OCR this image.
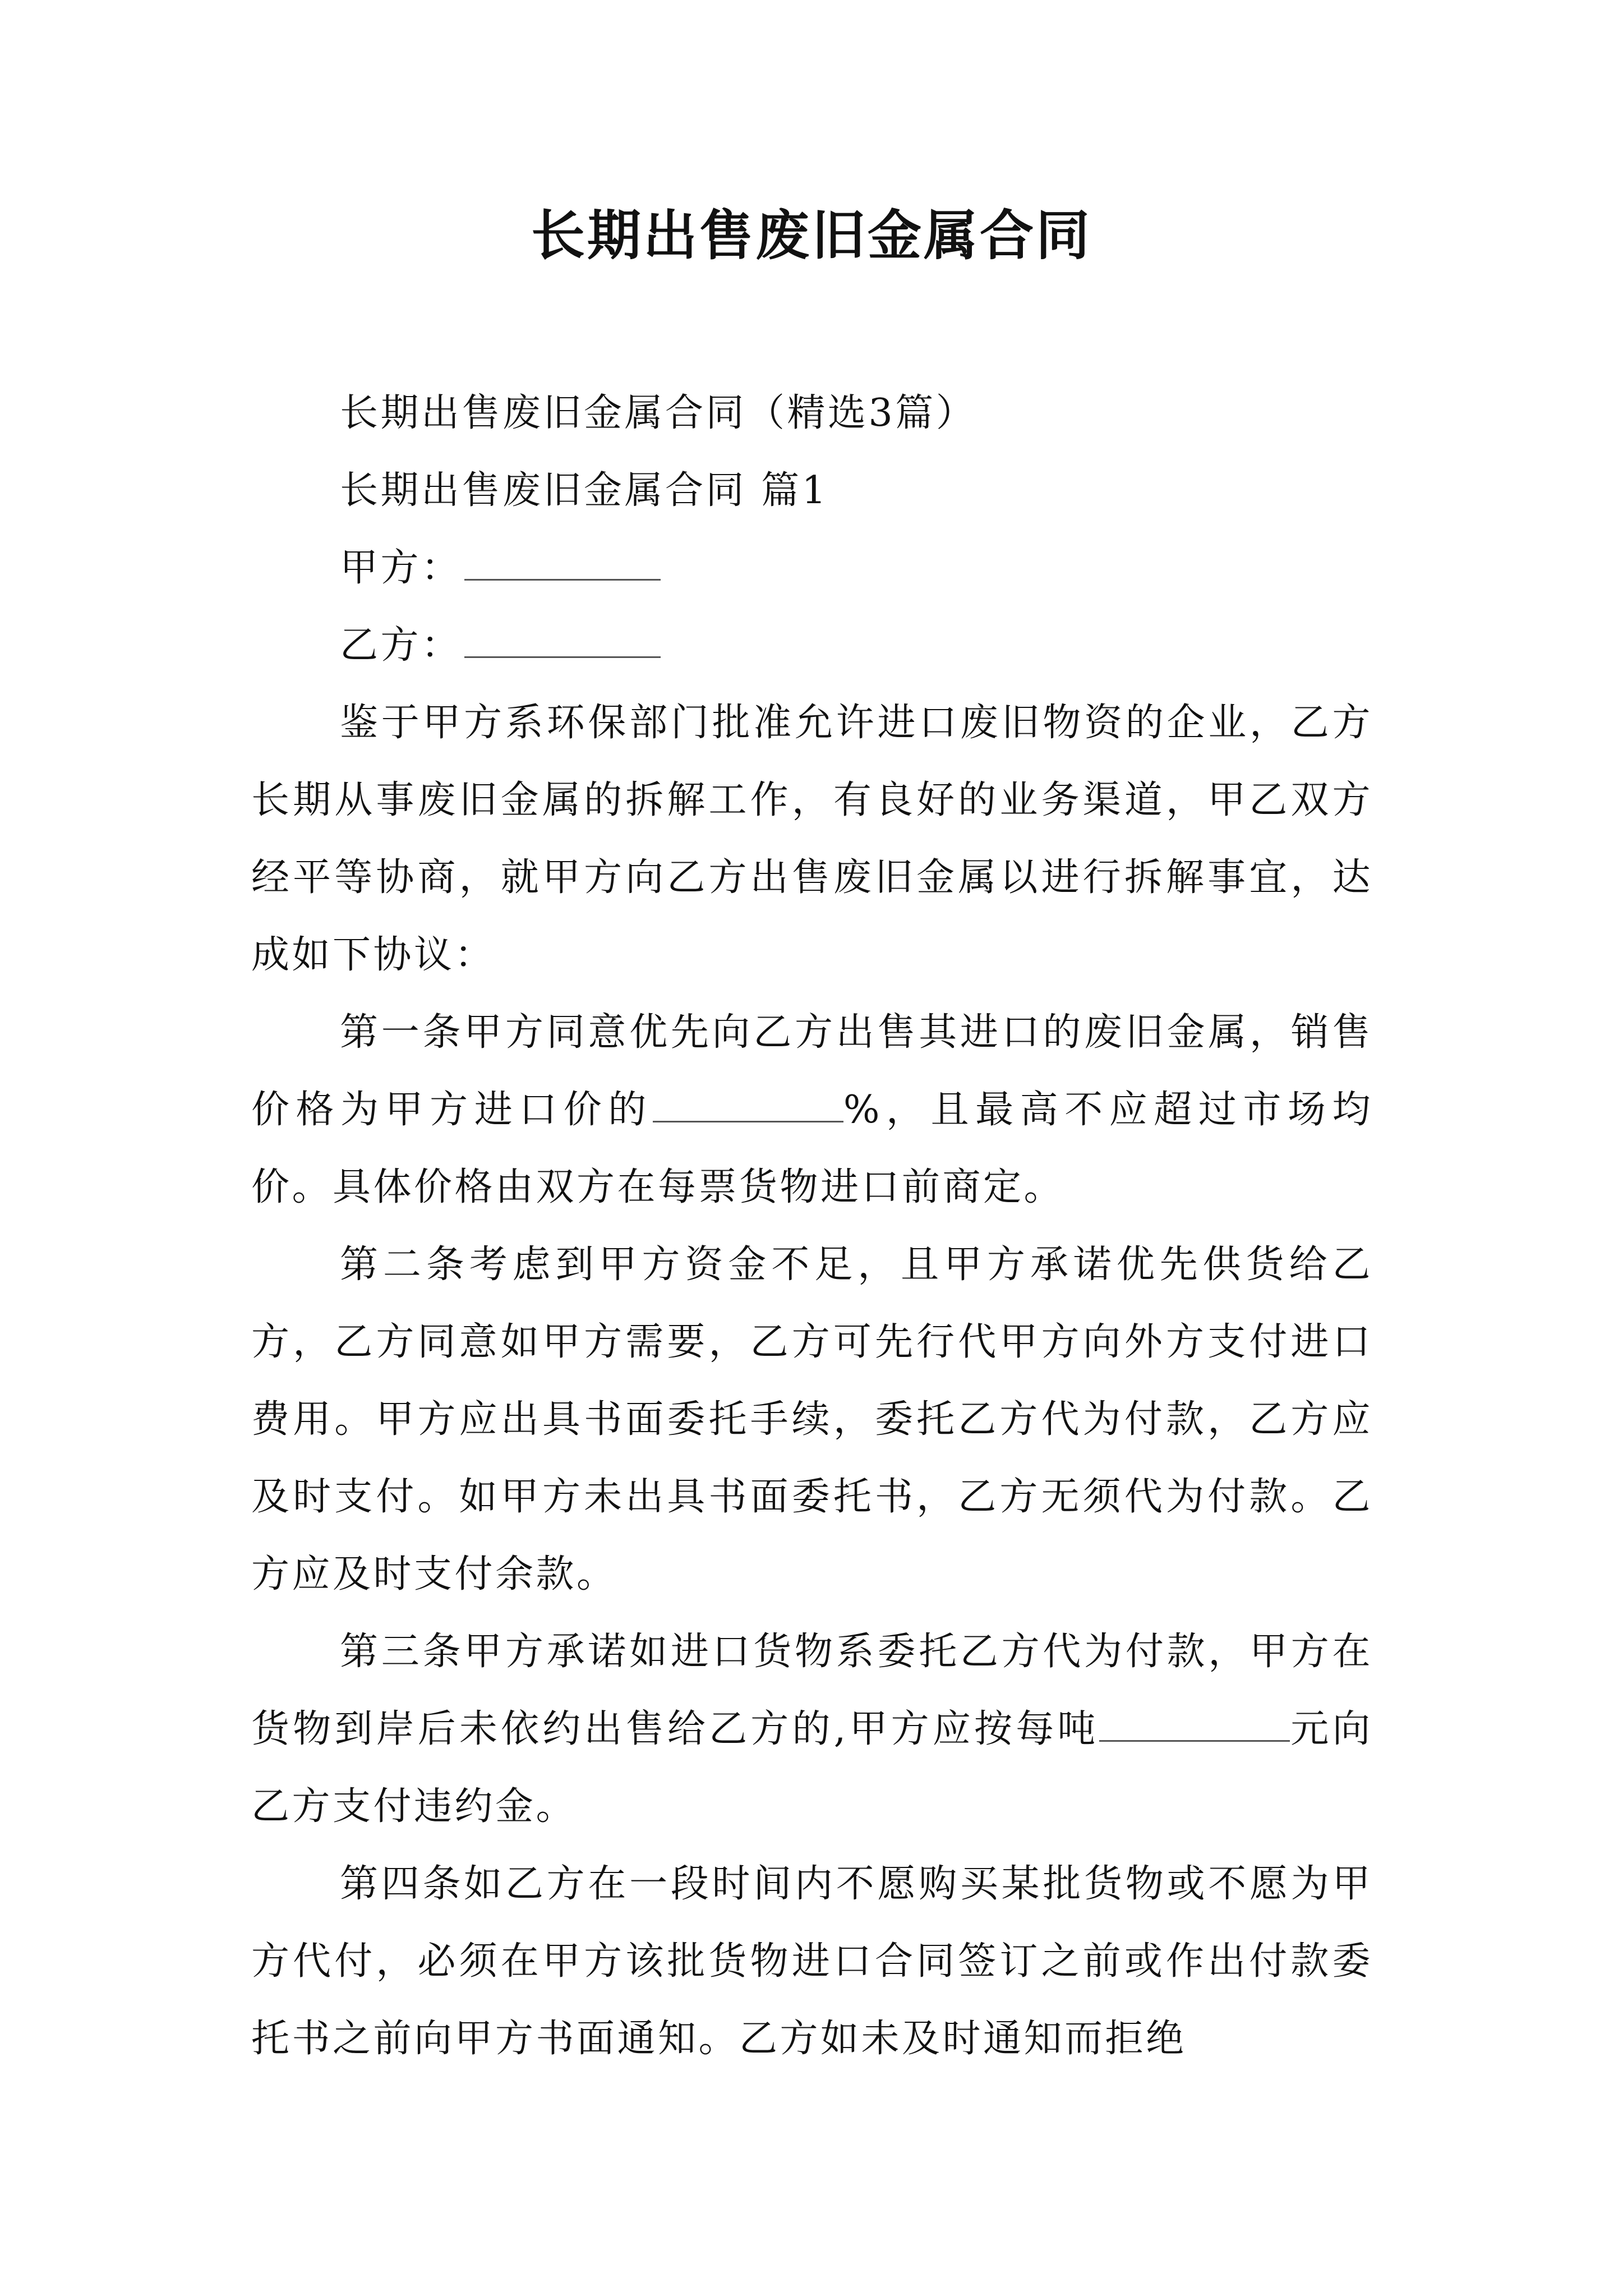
长期出售废旧金属合同

长期出售废旧金属合同（精选3篇）

长期出售废旧金属合同 篇1

甲方：

乙方：

鉴于甲方系环保部门批准允许进口废旧物资的企业，乙方长期从事废旧金属的拆解工作，有良好的业务渠道，甲乙双方经平等协商，就甲方向乙方出售废旧金属以进行拆解事宜，达成如下协议：

第一条甲方同意优先向乙方出售其进口的废旧金属，销售价格为甲方进口价的	%，且最高不应超过市场均价。具体价格由双方在每票货物进口前商定。

第二条考虑到甲方资金不足，且甲方承诺优先供货给乙方，乙方同意如甲方需要，乙方可先行代甲方向外方支付进口费用。甲方应出具书面委托手续，委托乙方代为付款，乙方应及时支付。如甲方未出具书面委托书，乙方无须代为付款。乙方应及时支付余款。

第三条甲方承诺如进口货物系委托乙方代为付款，甲方在货物到岸后未依约出售给乙方的,甲方应按每吨	元向乙方支付违约金。

第四条如乙方在一段时间内不愿购买某批货物或不愿为甲方代付，必须在甲方该批货物进口合同签订之前或作出付款委托书之前向甲方书面通知。乙方如未及时通知而拒绝
